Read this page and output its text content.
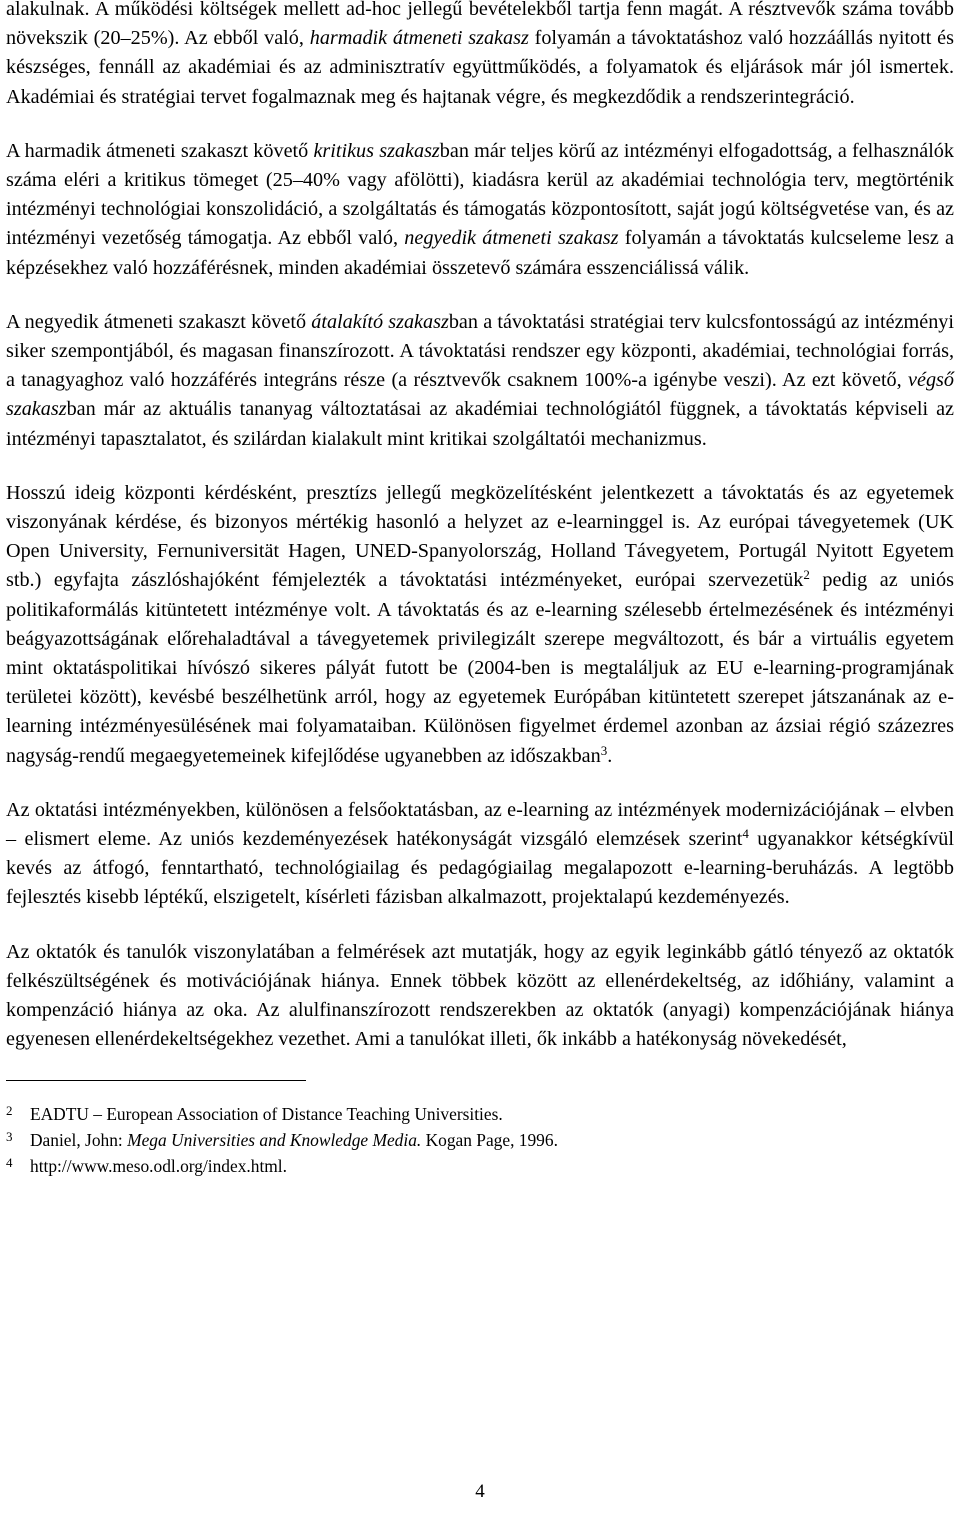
alakulnak. A működési költségek mellett ad-hoc jellegű bevételekből tartja fenn magát. A résztvevők száma tovább növekszik (20–25%). Az ebből való, harmadik átmeneti szakasz folyamán a távoktatáshoz való hozzáállás nyitott és készséges, fennáll az akadémiai és az adminisztratív együttműködés, a folyamatok és eljárások már jól ismertek. Akadémiai és stratégiai tervet fogalmaznak meg és hajtanak végre, és megkezdődik a rendszerintegráció.

A harmadik átmeneti szakaszt követő kritikus szakaszban már teljes körű az intézményi elfogadottság, a felhasználók száma eléri a kritikus tömeget (25–40% vagy afölötti), kiadásra kerül az akadémiai technológia terv, megtörténik intézményi technológiai konszolidáció, a szolgáltatás és támogatás központosított, saját jogú költségvetése van, és az intézményi vezetőség támogatja. Az ebből való, negyedik átmeneti szakasz folyamán a távoktatás kulcseleme lesz a képzésekhez való hozzáférésnek, minden akadémiai összetevő számára esszenciálissá válik.

A negyedik átmeneti szakaszt követő átalakító szakaszban a távoktatási stratégiai terv kulcsfontosságú az intézményi siker szempontjából, és magasan finanszírozott. A távoktatási rendszer egy központi, akadémiai, technológiai forrás, a tanagyaghoz való hozzáférés integráns része (a résztvevők csaknem 100%-a igénybe veszi). Az ezt követő, végső szakaszban már az aktuális tananyag változtatásai az akadémiai technológiától függnek, a távoktatás képviseli az intézményi tapasztalatot, és szilárdan kialakult mint kritikai szolgáltatói mechanizmus.

Hosszú ideig központi kérdésként, presztízs jellegű megközelítésként jelentkezett a távoktatás és az egyetemek viszonyának kérdése, és bizonyos mértékig hasonló a helyzet az e-learninggel is. Az európai távegyetemek (UK Open University, Fernuniversität Hagen, UNED-Spanyolország, Holland Távegyetem, Portugál Nyitott Egyetem stb.) egyfajta zászlóshajóként fémjelezték a távoktatási intézményeket, európai szervezetük$^2$ pedig az uniós politikaformálás kitüntetett intézménye volt. A távoktatás és az e-learning szélesebb értelmezésének és intézményi beágyazottságának előrehaladtával a távegyetemek privilegizált szerepe megváltozott, és bár a virtuális egyetem mint oktatáspolitikai hívószó sikeres pályát futott be (2004-ben is megtaláljuk az EU e-learning-programjának területei között), kevésbé beszélhetünk arról, hogy az egyetemek Európában kitüntetett szerepet játszanának az e-learning intézményesülésének mai folyamataiban. Különösen figyelmet érdemel azonban az ázsiai régió százezres nagyság-rendű megaegyetemeinek kifejlődése ugyanebben az időszakban$^3$.

Az oktatási intézményekben, különösen a felsőoktatásban, az e-learning az intézmények modernizációjának – elvben – elismert eleme. Az uniós kezdeményezések hatékonyságát vizsgáló elemzések szerint$^4$ ugyanakkor kétségkívül kevés az átfogó, fenntartható, technológiailag és pedagógiailag megalapozott e-learning-beruházás. A legtöbb fejlesztés kisebb léptékű, elszigetelt, kísérleti fázisban alkalmazott, projektalapú kezdeményezés.

Az oktatók és tanulók viszonylatában a felmérések azt mutatják, hogy az egyik leginkább gátló tényező az oktatók felkészültségének és motivációjának hiánya. Ennek többek között az ellenérdekeltség, az időhiány, valamint a kompenzáció hiánya az oka. Az alulfinanszírozott rendszerekben az oktatók (anyagi) kompenzációjának hiánya egyenesen ellenérdekeltségekhez vezethet. Ami a tanulókat illeti, ők inkább a hatékonyság növekedését,

2	EADTU – European Association of Distance Teaching Universities.
3	Daniel, John: Mega Universities and Knowledge Media. Kogan Page, 1996.
4	http://www.meso.odl.org/index.html.
4
